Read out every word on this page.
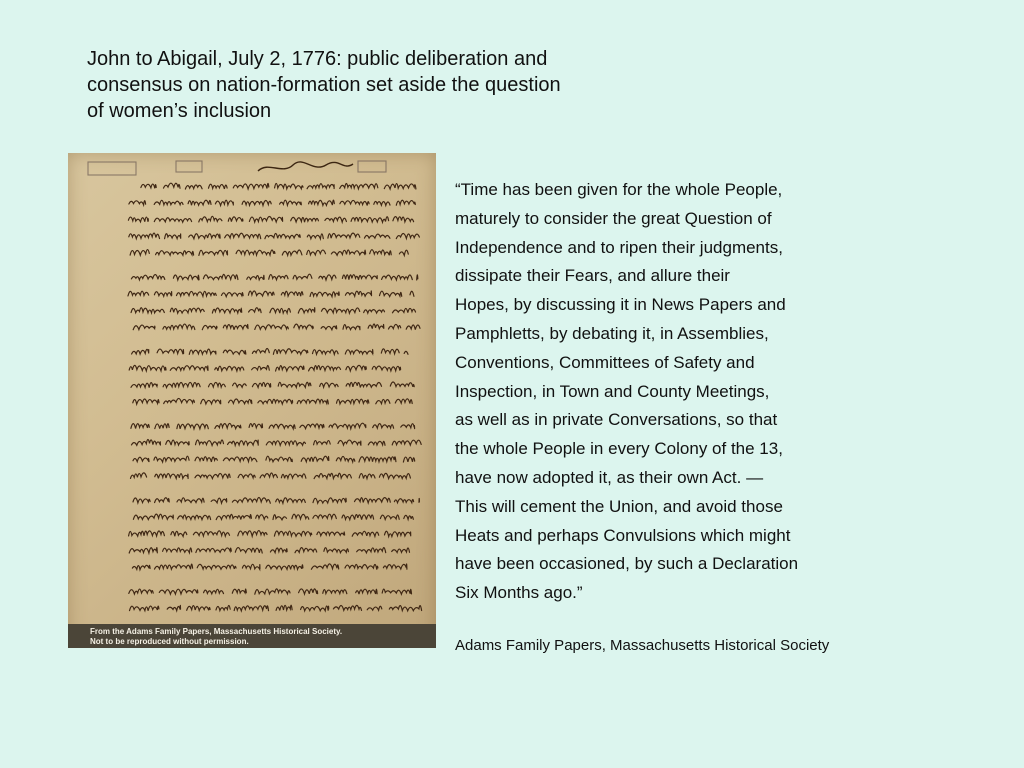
John to Abigail, July 2, 1776: public deliberation and
consensus on nation-formation set aside the question
of women’s inclusion
From the Adams Family Papers, Massachusetts Historical Society.
Not to be reproduced without permission.

“Time has been given for the whole People,
maturely to consider the great Question of
Independence and to ripen their judgments,
dissipate their Fears, and allure their
Hopes, by discussing it in News Papers and
Pamphletts, by debating it, in Assemblies,
Conventions, Committees of Safety and
Inspection, in Town and County Meetings,
as well as in private Conversations, so that
the whole People in every Colony of the 13,
have now adopted it, as their own Act. —
This will cement the Union, and avoid those
Heats and perhaps Convulsions which might
have been occasioned, by such a Declaration
Six Months ago.”

Adams Family Papers, Massachusetts Historical Society
